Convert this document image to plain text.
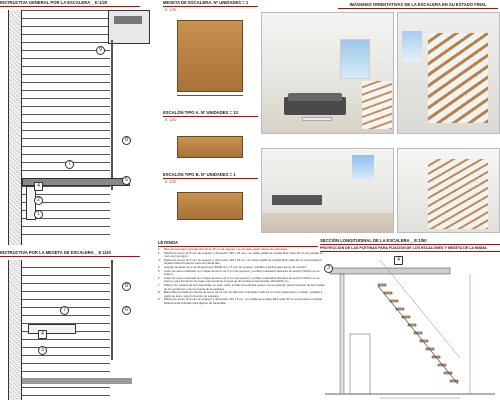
INSTRUCTIVA GENERAL POR LA ESCALERA__E:1/20
9
8
7
5
4
2
1
INSTRUCTIVA POR LA MESETA DE ESCALERA__E:1/20
8
6
7
4
3
MESETA DE ESCALERA. Nº UNIDADES = 1
E: 1/30
ESCALÓN TIPO A. Nº UNIDADES = 13
E: 1/30
ESCALÓN TIPO B. Nº UNIDADES = 1
E: 1/30
LEYENDA
1. Muro de hormigón armado m/h 20 de 25 cm de espesor con armado según planos de estructura.
2. Pletina de acero de 5 mm de espesor y dimensión 460 x 25 mm, con doble patilla de anclaje Ø12 cada 30 cm empotrada en muro de hormigón.
3. Pletina de acero de 5 mm de espesor y dimensión 148 x 33 cm, con doble patilla de anclaje Ø12 cada 30 cm empotrada en forjado bidireccional de suelo de planta alta.
4. Angular de acero en L de dimensiones 60x60 mm y 5 mm de espesor, soldado a pletina para apoyo de escalón.
5. Cajón de acero realizado con chapa de acero de 3 mm de espesor y perfiles cuadrados laterales de sección 5x5cm en su interior.
6. Cajón de acero realizado con chapa de acero de 3 mm de espesor y perfiles cuadrados laterales de sección 5x5cm en su interior, para formación de base estructural de meseta de dimensiones terminadas 110x110x5 cm.
7. Tablero de madera de pino barnizado en color roble, similar a la estética exterior de la vivienda, para formación de los huellas de los escalones y de la meseta de la escalera.
8. Barandilla formada por barras de acero de 12 mm de diámetro colocadas cada 10 cm entre pasamanos y zócalo, soldada a cajón de acero para formación de escalera.
9. Pletina de acero de 5 mm de espesor y dimensión 310 x 5 cm, con patilla de anclaje Ø12 cada 30 cm empotrada en forjado bidireccional indicado para fijación de barandilla.
IMÁGENES ORIENTATIVAS DE LA ESCALERA EN SU ESTADO FINAL
SECCIÓN LONGITUDINAL DE LA ESCALERA__E:1/50
PROYECCIÓN DE LAS PLETINAS PARA FIJACIÓN DE LOS ESCALONES Y MESETA DE LA MISMA
3
4
